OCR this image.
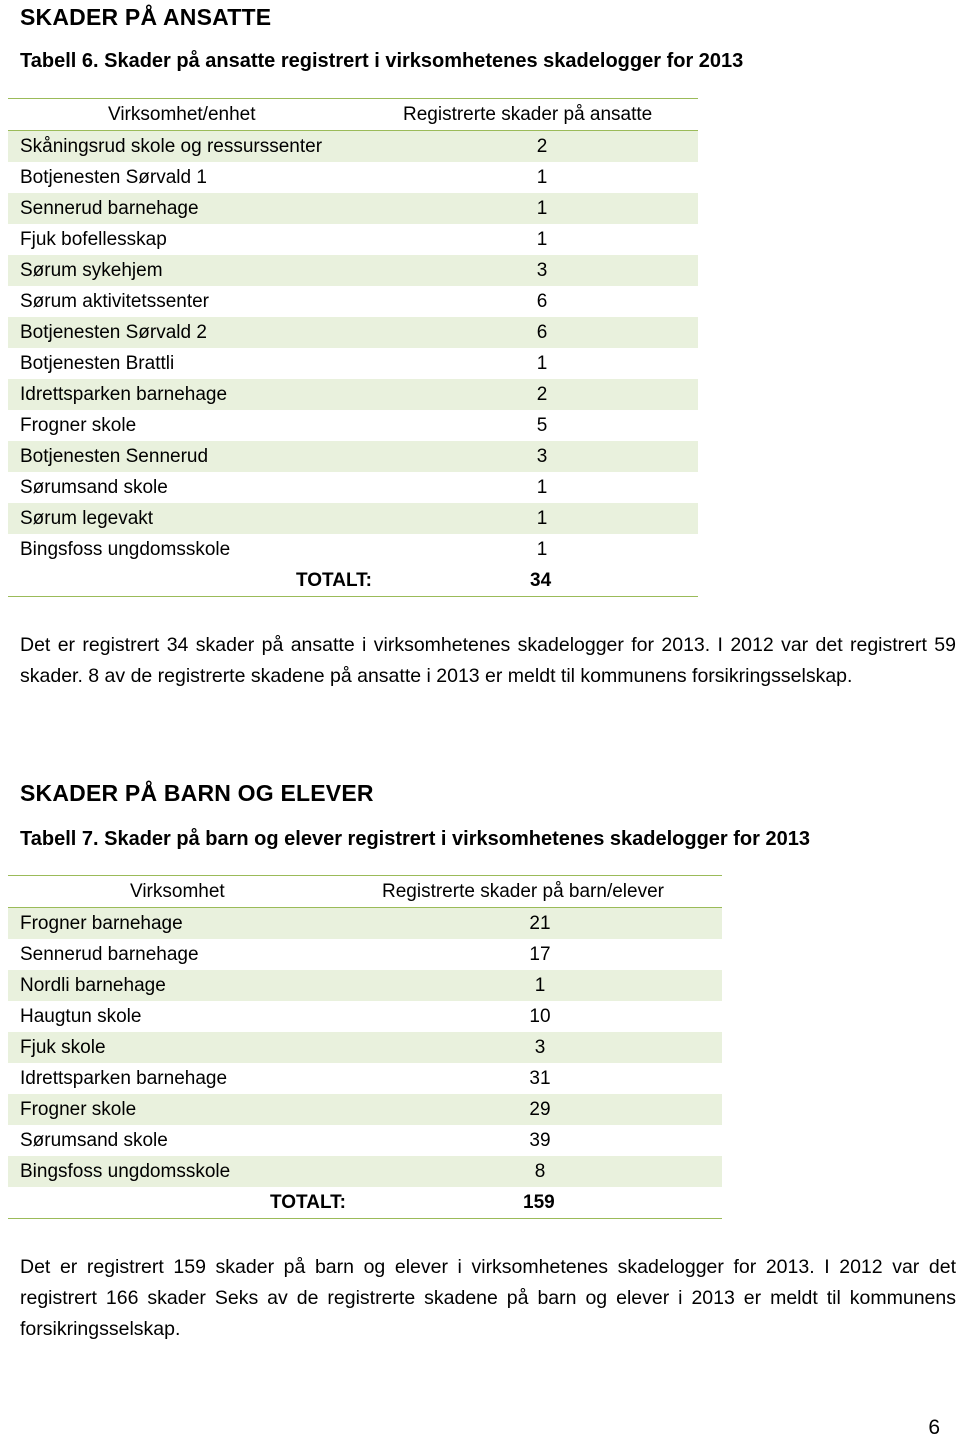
SKADER PÅ ANSATTE
Tabell 6. Skader på ansatte registrert i virksomhetenes skadelogger for 2013
Virksomhet/enhet	Registrerte skader på ansatte
Skåningsrud skole og ressurssenter	2
Botjenesten Sørvald 1	1
Sennerud barnehage	1
Fjuk bofellesskap	1
Sørum sykehjem	3
Sørum aktivitetssenter	6
Botjenesten Sørvald 2	6
Botjenesten Brattli	1
Idrettsparken barnehage	2
Frogner skole	5
Botjenesten Sennerud	3
Sørumsand skole	1
Sørum legevakt	1
Bingsfoss ungdomsskole	1
TOTALT:	34
Det er registrert 34 skader på ansatte i virksomhetenes skadelogger for 2013. I 2012 var det registrert 59 skader. 8 av de registrerte skadene på ansatte i 2013 er meldt til kommunens forsikringsselskap.
SKADER PÅ BARN OG ELEVER
Tabell 7. Skader på barn og elever registrert i virksomhetenes skadelogger for 2013
Virksomhet	Registrerte skader på barn/elever
Frogner barnehage	21
Sennerud barnehage	17
Nordli barnehage	1
Haugtun skole	10
Fjuk skole	3
Idrettsparken barnehage	31
Frogner skole	29
Sørumsand skole	39
Bingsfoss ungdomsskole	8
TOTALT:	159
Det er registrert 159 skader på barn og elever i virksomhetenes skadelogger for 2013. I 2012 var det registrert 166 skader Seks av de registrerte skadene på barn og elever i 2013 er meldt til kommunens forsikringsselskap.
6
